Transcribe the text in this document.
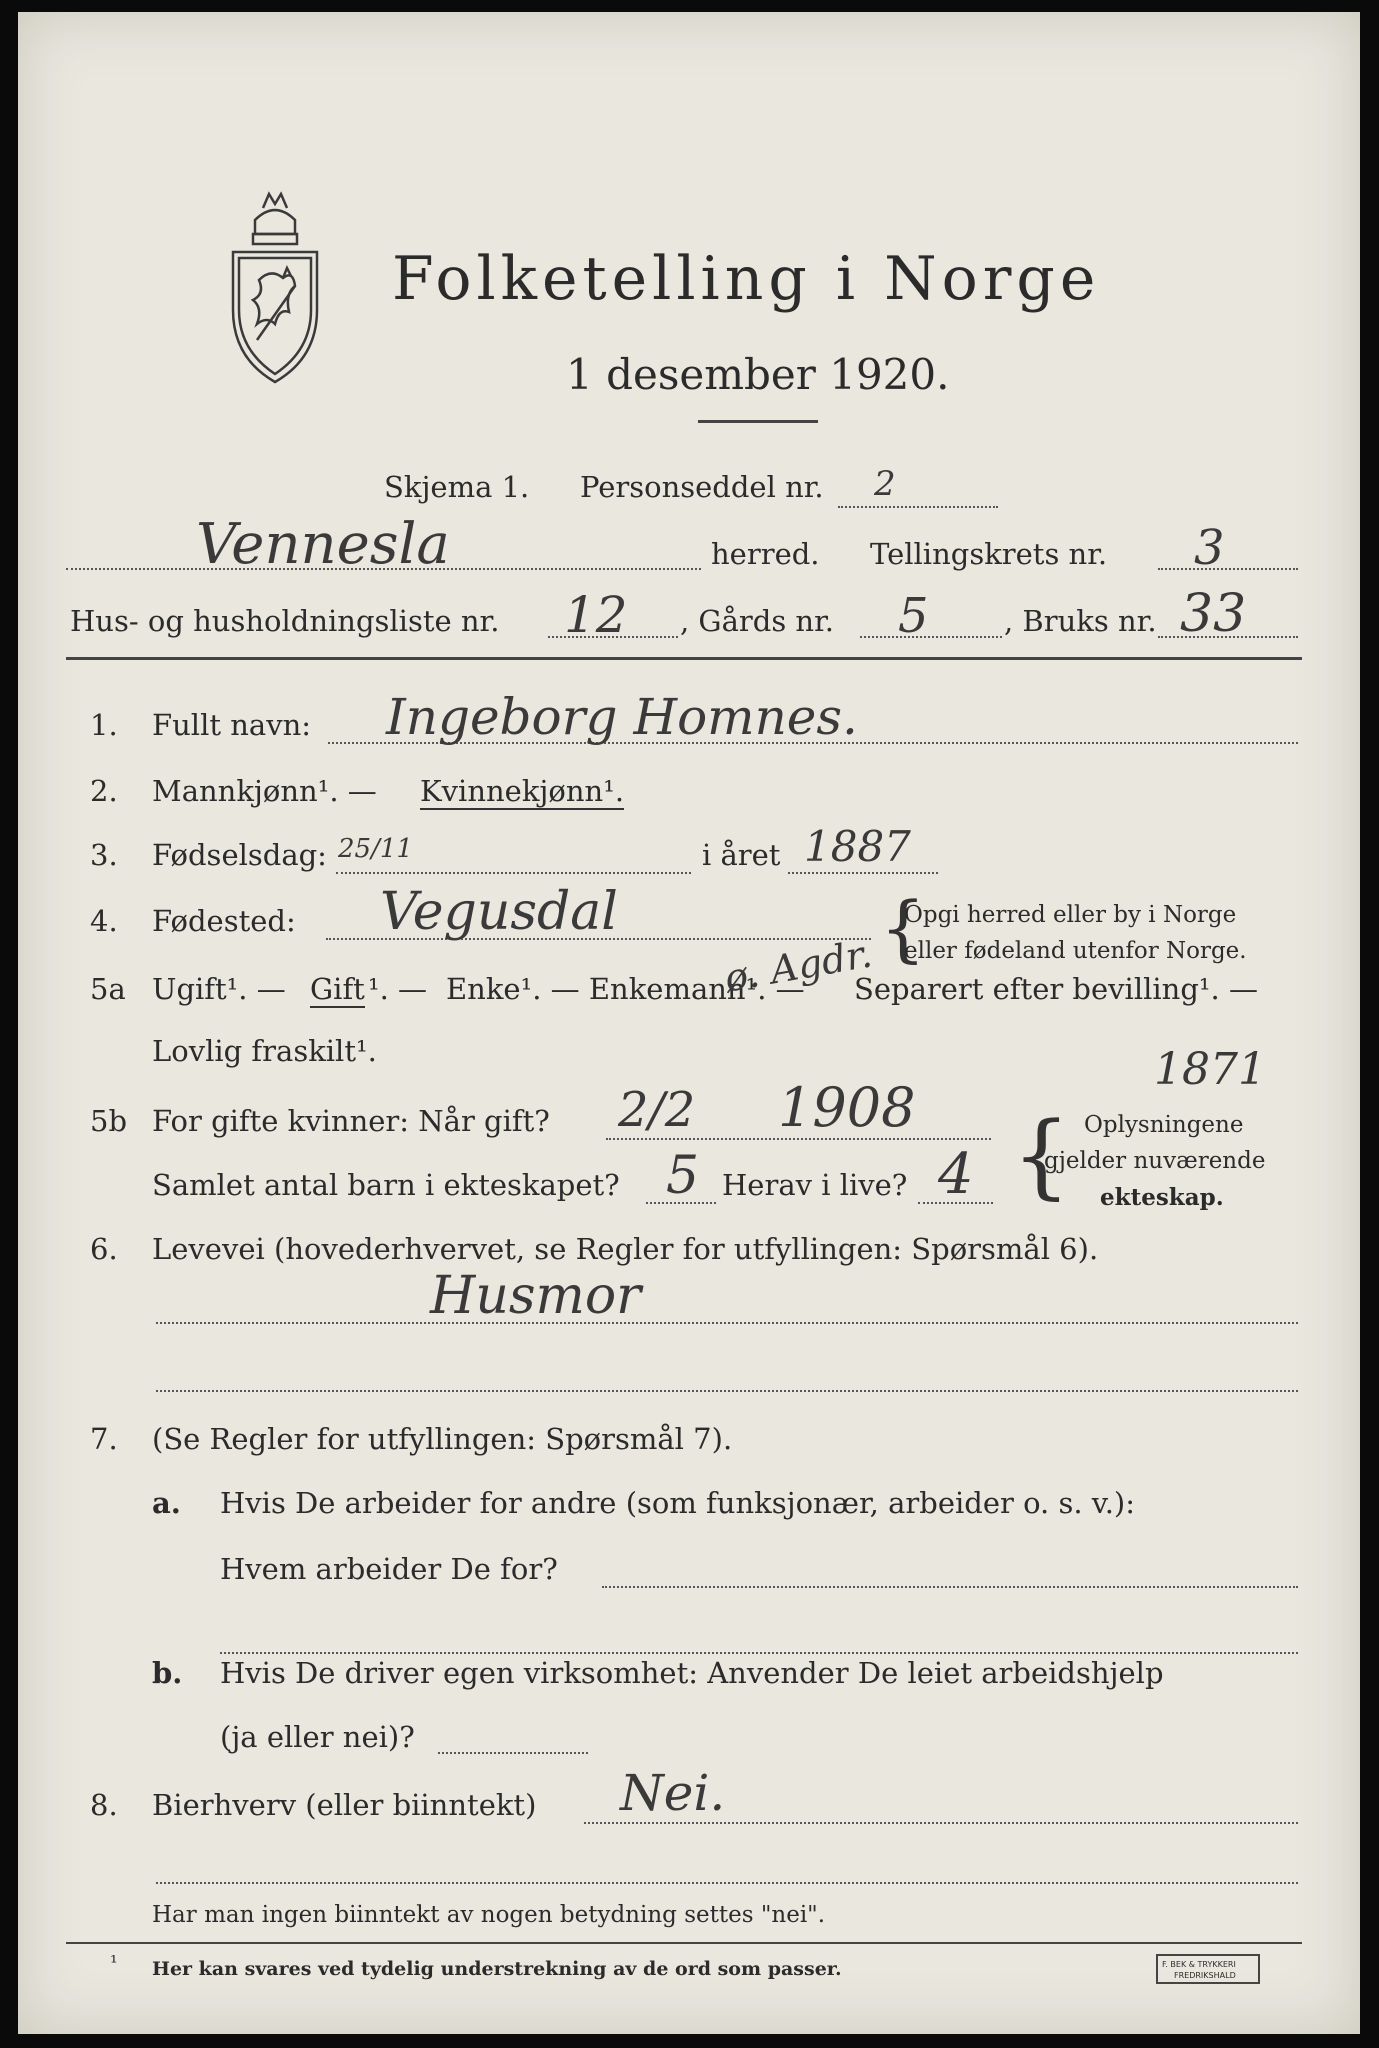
Folketelling i Norge
1 desember 1920.
Skjema 1. Personseddel nr. 2
Vennesla	herred. Tellingskrets nr. 3
Hus- og husholdningsliste nr. 12 , Gårds nr. 5	, Bruks nr. 33
1. Fullt navn: Ingeborg Homnes.
2. Mannkjønn¹. — Kvinnekjønn¹.
3. Fødselsdag: 25/11	i året 1887
4. Fødested: Vegusdal	{
Opgi herred eller by i Norge
eller fødeland utenfor Norge.
5a Ugift¹. — Gift ¹. — Enke¹. — Enkemann¹. — Separert efter bevilling¹. —
ø. Agdr.
Lovlig fraskilt¹.	1871
5b For gifte kvinner: Når gift? 2/2 1908
Samlet antal barn i ekteskapet? 5 Herav i live? 4 { Oplysningene
gjelder nuværende
ekteskap.
6. Levevei (hovederhvervet, se Regler for utfyllingen: Spørsmål 6).
Husmor
7. (Se Regler for utfyllingen: Spørsmål 7).
a. Hvis De arbeider for andre (som funksjonær, arbeider o. s. v.):
Hvem arbeider De for?
b. Hvis De driver egen virksomhet: Anvender De leiet arbeidshjelp
(ja eller nei)?
8. Bierhverv (eller biinntekt) Nei.
Har man ingen biinntekt av nogen betydning settes "nei".
¹ Her kan svares ved tydelig understrekning av de ord som passer.	F. BEK & TRYKKERI
FREDRIKSHALD
